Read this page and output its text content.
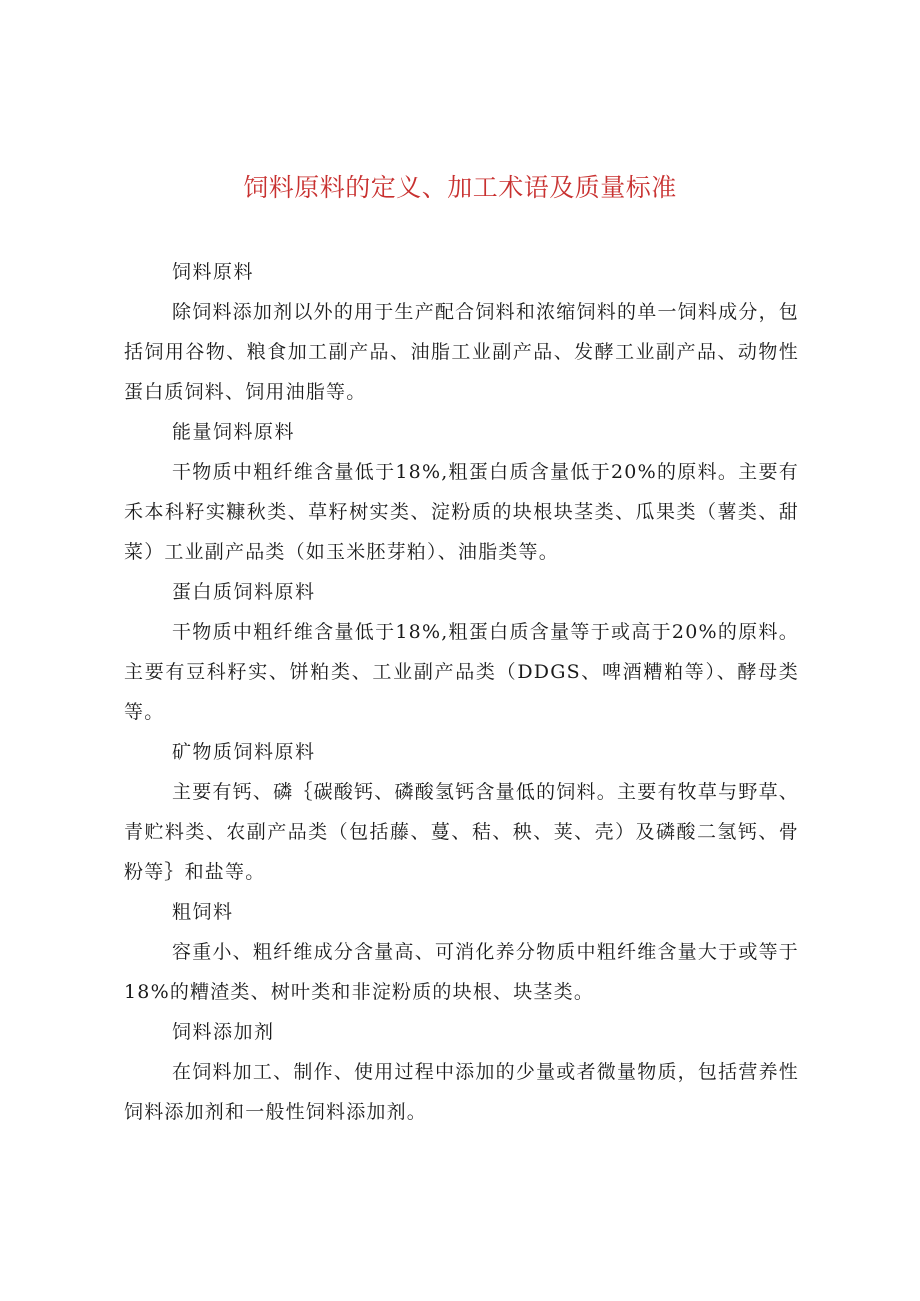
饲料原料的定义、加工术语及质量标准

饲料原料

除饲料添加剂以外的用于生产配合饲料和浓缩饲料的单一饲料成分，包括饲用谷物、粮食加工副产品、油脂工业副产品、发酵工业副产品、动物性蛋白质饲料、饲用油脂等。

能量饲料原料

干物质中粗纤维含量低于18%,粗蛋白质含量低于20%的原料。主要有禾本科籽实糠秋类、草籽树实类、淀粉质的块根块茎类、瓜果类（薯类、甜菜）工业副产品类（如玉米胚芽粕）、油脂类等。

蛋白质饲料原料

干物质中粗纤维含量低于18%,粗蛋白质含量等于或高于20%的原料。主要有豆科籽实、饼粕类、工业副产品类（DDGS、啤酒糟粕等）、酵母类等。

矿物质饲料原料

主要有钙、磷｛碳酸钙、磷酸氢钙含量低的饲料。主要有牧草与野草、青贮料类、农副产品类（包括藤、蔓、秸、秧、荚、壳）及磷酸二氢钙、骨粉等｝和盐等。

粗饲料

容重小、粗纤维成分含量高、可消化养分物质中粗纤维含量大于或等于18%的糟渣类、树叶类和非淀粉质的块根、块茎类。

饲料添加剂

在饲料加工、制作、使用过程中添加的少量或者微量物质，包括营养性饲料添加剂和一般性饲料添加剂。
